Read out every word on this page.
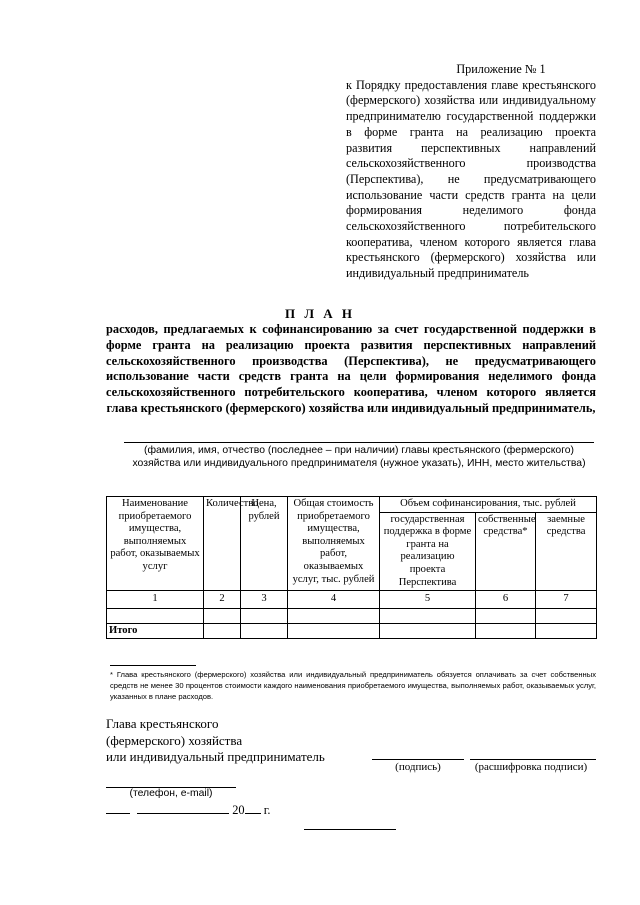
Приложение № 1
к Порядку предоставления главе крестьянского (фермерского) хозяйства или индивидуальному предпринимателю государственной поддержки в форме гранта на реализацию проекта развития перспективных направлений сельскохозяйственного производства (Перспектива), не предусматривающего использование части средств гранта на цели формирования неделимого фонда сельскохозяйственного потребительского кооператива, членом которого является глава крестьянского (фермерского) хозяйства или индивидуальный предприниматель
П Л А Н
расходов, предлагаемых к софинансированию за счет государственной поддержки в форме гранта на реализацию проекта развития перспективных направлений сельскохозяйственного производства (Перспектива), не предусматривающего использование части средств гранта на цели формирования неделимого фонда сельскохозяйственного потребительского кооператива, членом которого является глава крестьянского (фермерского) хозяйства или индивидуальный предприниматель,
(фамилия, имя, отчество (последнее – при наличии) главы крестьянского (фермерского) хозяйства или индивидуального предпринимателя (нужное указать), ИНН, место жительства)
Наименование приобретаемого имущества, выполняемых работ, оказываемых услуг	Количество	Цена, рублей	Общая стоимость приобретаемого имущества, выполняемых работ, оказываемых услуг, тыс. рублей	Объем софинансирования, тыс. рублей		
				государственная поддержка в форме гранта на реализацию проекта Перспектива	собственные средства*	заемные средства
1	2	3	4	5	6	7

Итого						
* Глава крестьянского (фермерского) хозяйства или индивидуальный предприниматель обязуется оплачивать за счет собственных средств не менее 30 процентов стоимости каждого наименования приобретаемого имущества, выполняемых работ, оказываемых услуг, указанных в плане расходов.
Глава крестьянского
(фермерского) хозяйства
или индивидуальный предприниматель
(подпись)	(расшифровка подписи)
(телефон, e-mail)
20 г.
